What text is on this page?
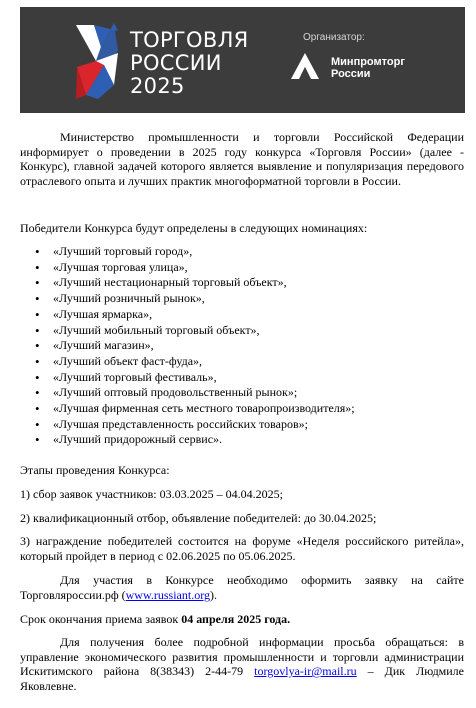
ТОРГОВЛЯ
РОССИИ
2025
Организатор:
Минпромторг
России

Министерство промышленности и торговли Российской Федерации информирует о проведении в 2025 году конкурса «Торговля России» (далее - Конкурс), главной задачей которого является выявление и популяризация передового отраслевого опыта и лучших практик многоформатной торговли в России.

Победители Конкурса будут определены в следующих номинациях:

• «Лучший торговый город»,
• «Лучшая торговая улица»,
• «Лучший нестационарный торговый объект»,
• «Лучший розничный рынок»,
• «Лучшая ярмарка»,
• «Лучший мобильный торговый объект»,
• «Лучший магазин»,
• «Лучший объект фаст-фуда»,
• «Лучший торговый фестиваль»,
• «Лучший оптовый продовольственный рынок»;
• «Лучшая фирменная сеть местного товаропроизводителя»;
• «Лучшая представленность российских товаров»;
• «Лучший придорожный сервис».

Этапы проведения Конкурса:

1) сбор заявок участников: 03.03.2025 – 04.04.2025;

2) квалификационный отбор, объявление победителей: до 30.04.2025;

3) награждение победителей состоится на форуме «Неделя российского ритейла», который пройдет в период с 02.06.2025 по 05.06.2025.

Для участия в Конкурсе необходимо оформить заявку на сайте Торговляроссии.рф (www.russiant.org).

Срок окончания приема заявок 04 апреля 2025 года.

Для получения более подробной информации просьба обращаться: в управление экономического развития промышленности и торговли администрации Искитимского района 8(38343) 2-44-79 torgovlya-ir@mail.ru – Дик Людмиле Яковлевне.
